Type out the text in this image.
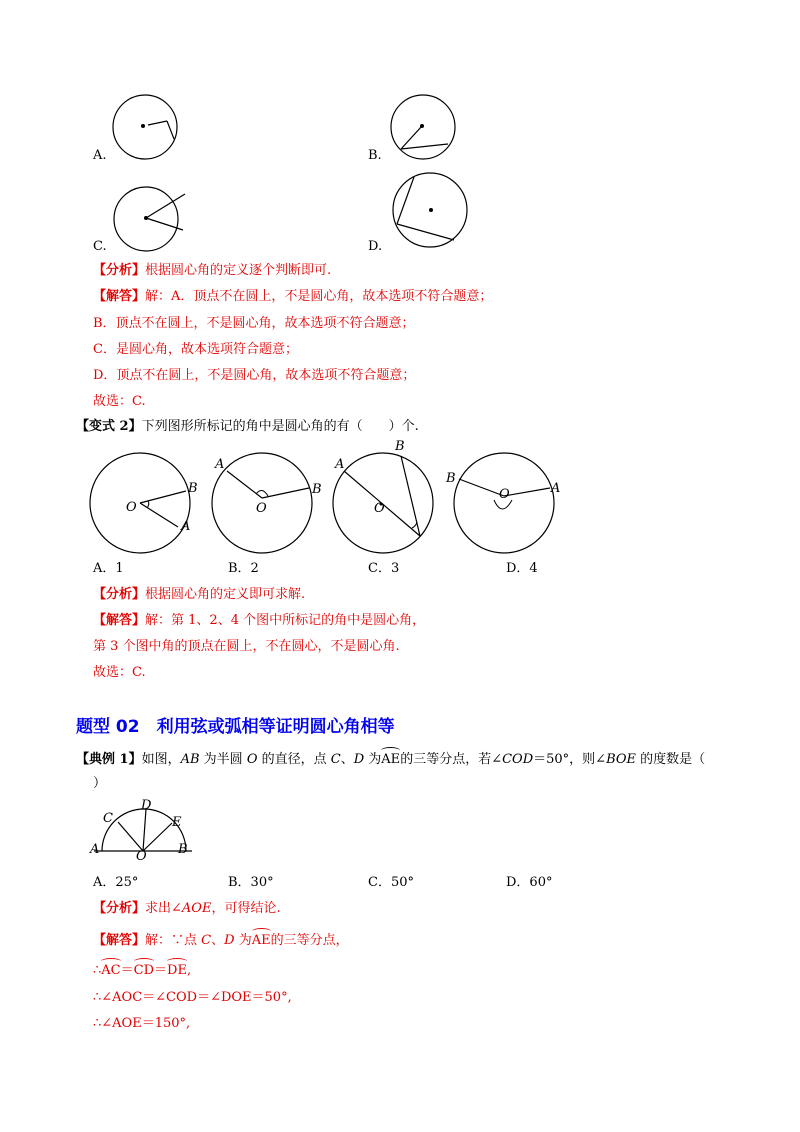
A.	B.
C.	D.
【分析】根据圆心角的定义逐个判断即可.
【解答】解：A．顶点不在圆上，不是圆心角，故本选项不符合题意；
B．顶点不在圆上，不是圆心角，故本选项不符合题意；
C．是圆心角，故本选项符合题意；
D．顶点不在圆上，不是圆心角，故本选项不符合题意；
故选：C.
【变式 2】下列图形所标记的角中是圆心角的有（　　）个.
O
B
A
A
O
B
A
B
O
B
O	A
A．1	B．2	C．3	D．4
【分析】根据圆心角的定义即可求解.
【解答】解：第 1、2、4 个图中所标记的角中是圆心角，
第 3 个图中角的顶点在圆上，不在圆心，不是圆心角.
故选：C.
题型 02　利用弦或弧相等证明圆心角相等
【典例 1】如图，AB 为半圆 O 的直径，点 C、D 为AE的三等分点，若∠COD＝50°，则∠BOE 的度数是（
）
D
C	E
A	O B
A．25°	B．30°	C．50°	D．60°
【分析】求出∠AOE，可得结论.
【解答】解：∵点 C、D 为AE的三等分点，
∴AC＝CD＝DE,
∴∠AOC＝∠COD＝∠DOE＝50°,
∴∠AOE＝150°,
